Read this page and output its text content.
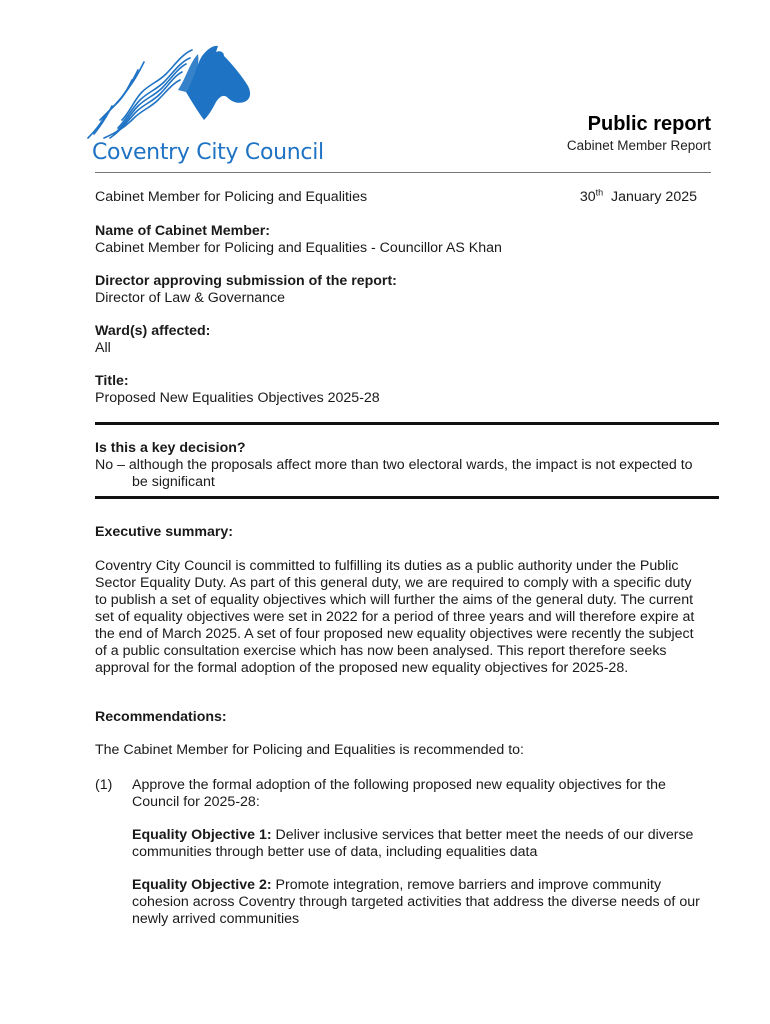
Coventry City Council
Public report
Cabinet Member Report
Cabinet Member for Policing and Equalities	30th January 2025
Name of Cabinet Member:
Cabinet Member for Policing and Equalities - Councillor AS Khan
Director approving submission of the report:
Director of Law & Governance
Ward(s) affected:
All
Title:
Proposed New Equalities Objectives 2025-28
Is this a key decision?
No – although the proposals affect more than two electoral wards, the impact is not expected to be significant
Executive summary:
Coventry City Council is committed to fulfilling its duties as a public authority under the Public Sector Equality Duty. As part of this general duty, we are required to comply with a specific duty to publish a set of equality objectives which will further the aims of the general duty. The current set of equality objectives were set in 2022 for a period of three years and will therefore expire at the end of March 2025. A set of four proposed new equality objectives were recently the subject of a public consultation exercise which has now been analysed. This report therefore seeks approval for the formal adoption of the proposed new equality objectives for 2025-28.
Recommendations:
The Cabinet Member for Policing and Equalities is recommended to:
(1) Approve the formal adoption of the following proposed new equality objectives for the Council for 2025-28:
Equality Objective 1: Deliver inclusive services that better meet the needs of our diverse communities through better use of data, including equalities data
Equality Objective 2: Promote integration, remove barriers and improve community cohesion across Coventry through targeted activities that address the diverse needs of our newly arrived communities
